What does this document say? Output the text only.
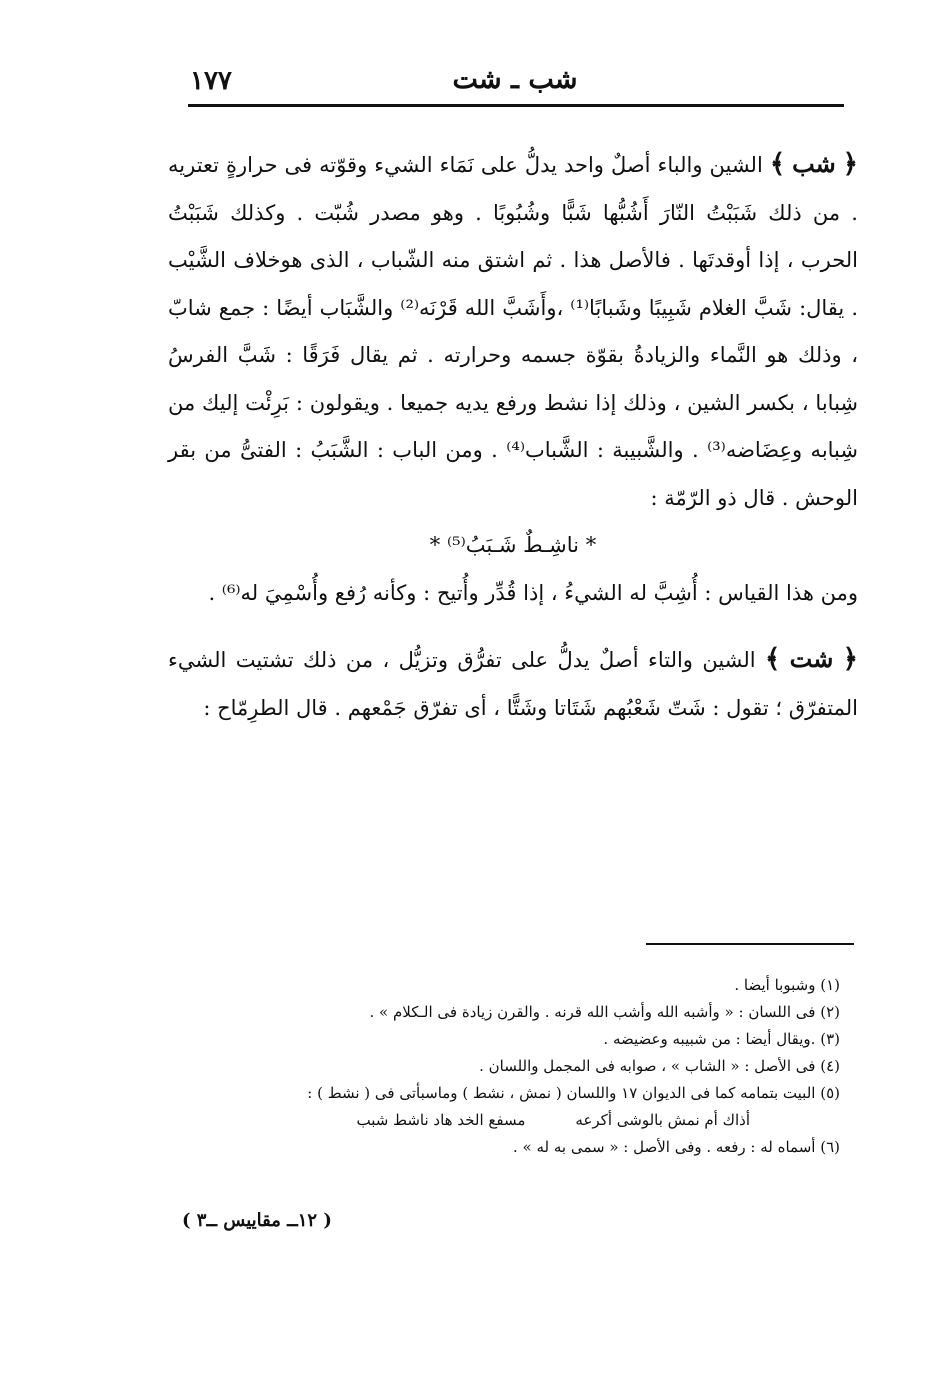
شب ـ شت
١٧٧

﴿ شب ﴾ الشين والباء أصلٌ واحد يدلُّ على نَمَاء الشيء وقوّته فى حرارةٍ تعتريه . من ذلك شَبَبْتُ النّارَ أَشُبُّها شَبًّا وشُبُوبًا . وهو مصدر شُبّت . وكذلك شَبَبْتُ الحرب ، إذا أوقدتَها . فالأصل هذا . ثم اشتق منه الشّباب ، الذى هوخلاف الشَّيْب . يقال: شَبَّ الغلام شَبِيبًا وشَبابًا⁽¹⁾ ،وأَشَبَّ الله قَرْنَه⁽²⁾ والشَّبَاب أيضًا : جمع شابّ ، وذلك هو النَّماء والزيادةُ بقوّة جسمه وحرارته . ثم يقال فَرَقًا : شَبَّ الفرسُ شِبابا ، بكسر الشين ، وذلك إذا نشط ورفع يديه جميعا . ويقولون : بَرِئْت إليك من شِبابه وعِضَاضه⁽³⁾ . والشَّبيبة : الشَّباب⁽⁴⁾ . ومن الباب : الشَّبَبُ : الفتىُّ من بقر الوحش . قال ذو الرّمّة :

* ناشِـطٌ شَـبَبُ⁽⁵⁾ *

ومن هذا القياس : أُشِبَّ له الشيءُ ، إذا قُدِّر وأُتيح : وكأنه رُفع وأُسْمِيَ له⁽⁶⁾ .

﴿ شت ﴾ الشين والتاء أصلٌ يدلُّ على تفرُّق وتزيُّل ، من ذلك تشتيت الشيء المتفرّق ؛ تقول : شَتّ شَعْبُهم شَتَاتا وشَتًّا ، أى تفرّق جَمْعهم . قال الطرِمّاح :

(١) وشبوبا أيضا .

(٢) فى اللسان : « وأشبه الله وأشب الله قرنه . والقرن زيادة فى الـكلام » .

(٣) .ويقال أيضا : من شبيبه وعضيضه .

(٤) فى الأصل : « الشاب » ، صوابه فى المجمل واللسان .

(٥) البيت بتمامه كما فى الديوان ١٧ واللسان ( نمش ، نشط ) وماسبأتى فى ( نشط ) :

أذاك أم نمش بالوشى أكرعه
مسفع الخد هاد ناشط شبب

(٦) أسماه له : رفعه . وفى الأصل : « سمى به له » .

( ١٢ــ مقاييس ــ٣ )
